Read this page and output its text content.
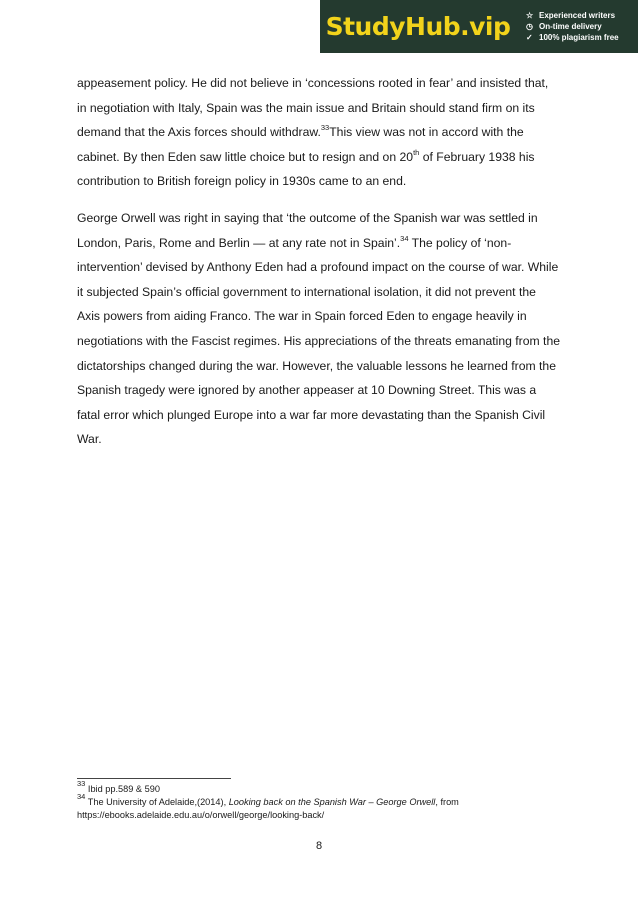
StudyHub.vip	☆ Experienced writers
◷ On-time delivery
✓ 100% plagiarism free

appeasement policy. He did not believe in ‘concessions rooted in fear’ and insisted that, in negotiation with Italy, Spain was the main issue and Britain should stand firm on its demand that the Axis forces should withdraw.$^{33}$This view was not in accord with the cabinet. By then Eden saw little choice but to resign and on 20th of February 1938 his contribution to British foreign policy in 1930s came to an end.

George Orwell was right in saying that ‘the outcome of the Spanish war was settled in London, Paris, Rome and Berlin — at any rate not in Spain’.$^{34}$ The policy of ‘non-intervention’ devised by Anthony Eden had a profound impact on the course of war. While it subjected Spain’s official government to international isolation, it did not prevent the Axis powers from aiding Franco. The war in Spain forced Eden to engage heavily in negotiations with the Fascist regimes. His appreciations of the threats emanating from the dictatorships changed during the war. However, the valuable lessons he learned from the Spanish tragedy were ignored by another appeaser at 10 Downing Street. This was a fatal error which plunged Europe into a war far more devastating than the Spanish Civil War.

$^{33}$ Ibid pp.589 & 590
$^{34}$ The University of Adelaide,(2014), Looking back on the Spanish War – George Orwell, from https://ebooks.adelaide.edu.au/o/orwell/george/looking-back/
8
